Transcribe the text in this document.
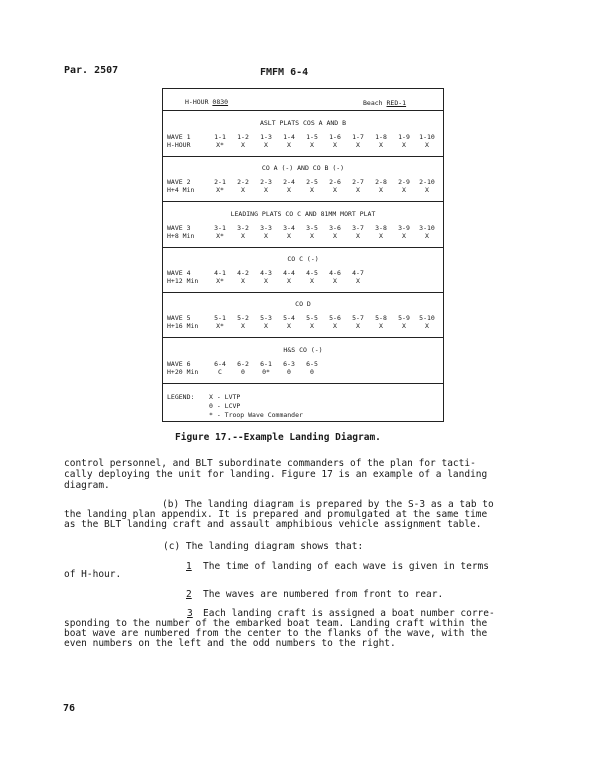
Par. 2507	FMFM 6-4
H-HOUR 0830	Beach RED-1
ASLT PLATS COS A AND B
WAVE 1
H-HOUR
1-1
X*
1-2
X
1-3
X
1-4
X
1-5
X
1-6
X
1-7
X
1-8
X
1-9
X
1-10
X
CO A (-) AND CO B (-)
WAVE 2
H+4 Min
2-1
X*
2-2
X
2-3
X
2-4
X
2-5
X
2-6
X
2-7
X
2-8
X
2-9
X
2-10
X
LEADING PLATS CO C AND 81MM MORT PLAT
WAVE 3
H+8 Min
3-1
X*
3-2
X
3-3
X
3-4
X
3-5
X
3-6
X
3-7
X
3-8
X
3-9
X
3-10
X
CO C (-)
WAVE 4
H+12 Min
4-1
X*
4-2
X
4-3
X
4-4
X
4-5
X
4-6
X
4-7
X
CO D
WAVE 5
H+16 Min
5-1
X*
5-2
X
5-3
X
5-4
X
5-5
X
5-6
X
5-7
X
5-8
X
5-9
X
5-10
X
H&S CO (-)
WAVE 6
H+20 Min
6-4
C
6-2
0
6-1
0*
6-3
0
6-5
0
LEGEND: X - LVTP
0 - LCVP
* - Troop Wave Commander
Figure 17.--Example Landing Diagram.
control personnel, and BLT subordinate commanders of the plan for tacti-
cally deploying the unit for landing. Figure 17 is an example of a landing
diagram.
(b) The landing diagram is prepared by the S-3 as a tab to
the landing plan appendix. It is prepared and promulgated at the same time
as the BLT landing craft and assault amphibious vehicle assignment table.
(c) The landing diagram shows that:
1 The time of landing of each wave is given in terms
of H-hour.
2 The waves are numbered from front to rear.
3 Each landing craft is assigned a boat number corre-
sponding to the number of the embarked boat team. Landing craft within the
boat wave are numbered from the center to the flanks of the wave, with the
even numbers on the left and the odd numbers to the right.
76
